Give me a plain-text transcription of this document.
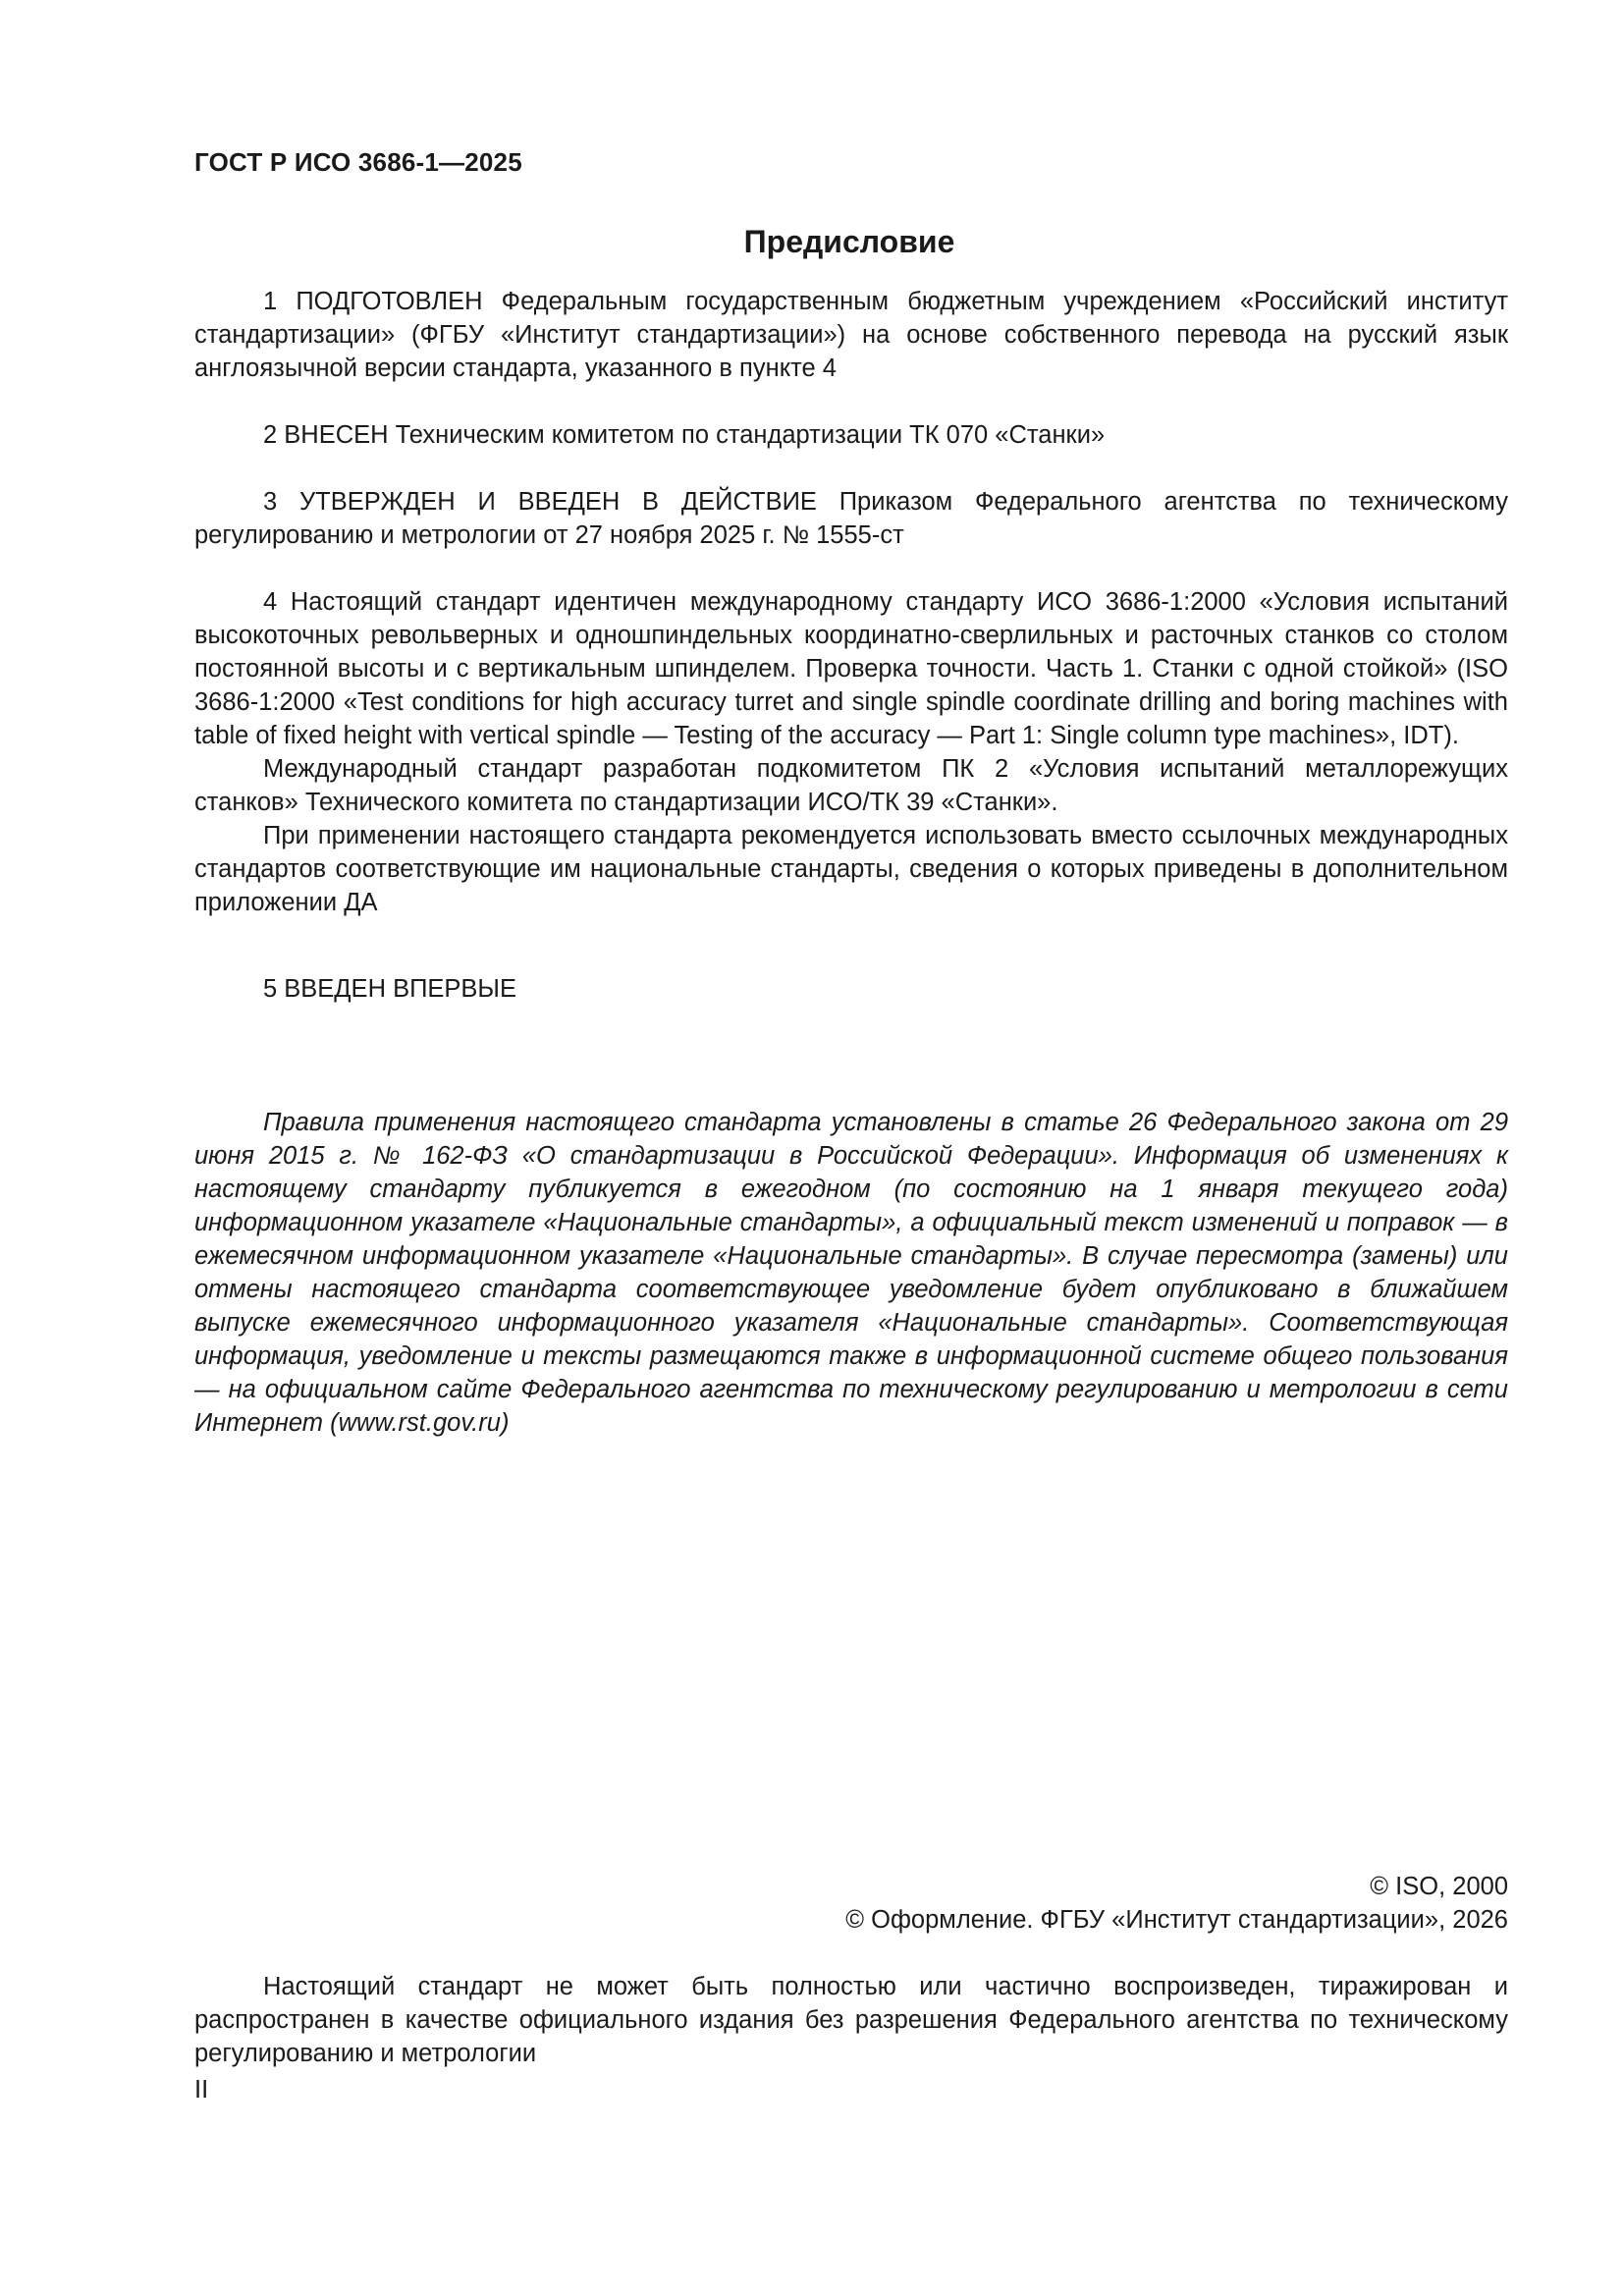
ГОСТ Р ИСО 3686-1—2025
Предисловие

1 ПОДГОТОВЛЕН Федеральным государственным бюджетным учреждением «Российский институт стандартизации» (ФГБУ «Институт стандартизации») на основе собственного перевода на русский язык англоязычной версии стандарта, указанного в пункте 4

2 ВНЕСЕН Техническим комитетом по стандартизации ТК 070 «Станки»

3 УТВЕРЖДЕН И ВВЕДЕН В ДЕЙСТВИЕ Приказом Федерального агентства по техническому регулированию и метрологии от 27 ноября 2025 г. № 1555-ст

4 Настоящий стандарт идентичен международному стандарту ИСО 3686-1:2000 «Условия испытаний высокоточных револьверных и одношпиндельных координатно-сверлильных и расточных станков со столом постоянной высоты и с вертикальным шпинделем. Проверка точности. Часть 1. Станки с одной стойкой» (ISO 3686-1:2000 «Test conditions for high accuracy turret and single spindle coordinate drilling and boring machines with table of fixed height with vertical spindle — Testing of the accuracy — Part 1: Single column type machines», IDT).

Международный стандарт разработан подкомитетом ПК 2 «Условия испытаний металлорежущих станков» Технического комитета по стандартизации ИСО/ТК 39 «Станки».

При применении настоящего стандарта рекомендуется использовать вместо ссылочных международных стандартов соответствующие им национальные стандарты, сведения о которых приведены в дополнительном приложении ДА

5 ВВЕДЕН ВПЕРВЫЕ

Правила применения настоящего стандарта установлены в статье 26 Федерального закона от 29 июня 2015 г. № 162-ФЗ «О стандартизации в Российской Федерации». Информация об изменениях к настоящему стандарту публикуется в ежегодном (по состоянию на 1 января текущего года) информационном указателе «Национальные стандарты», а официальный текст изменений и поправок — в ежемесячном информационном указателе «Национальные стандарты». В случае пересмотра (замены) или отмены настоящего стандарта соответствующее уведомление будет опубликовано в ближайшем выпуске ежемесячного информационного указателя «Национальные стандарты». Соответствующая информация, уведомление и тексты размещаются также в информационной системе общего пользования — на официальном сайте Федерального агентства по техническому регулированию и метрологии в сети Интернет (www.rst.gov.ru)

© ISO, 2000
© Оформление. ФГБУ «Институт стандартизации», 2026

Настоящий стандарт не может быть полностью или частично воспроизведен, тиражирован и распространен в качестве официального издания без разрешения Федерального агентства по техническому регулированию и метрологии

II
